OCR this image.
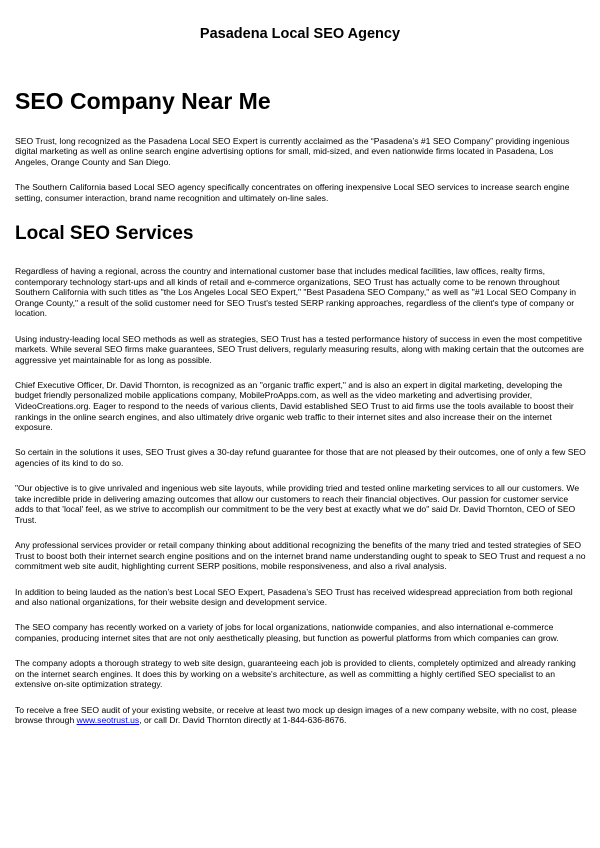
Pasadena Local SEO Agency
SEO Company Near Me

SEO Trust, long recognized as the Pasadena Local SEO Expert is currently acclaimed as the “Pasadena’s #1 SEO Company” providing ingenious digital marketing as well as online search engine advertising options for small, mid-sized, and even nationwide firms located in Pasadena, Los Angeles, Orange County and San Diego.

The Southern California based Local SEO agency specifically concentrates on offering inexpensive Local SEO services to increase search engine setting, consumer interaction, brand name recognition and ultimately on-line sales.

Local SEO Services

Regardless of having a regional, across the country and international customer base that includes medical facilities, law offices, realty firms, contemporary technology start-ups and all kinds of retail and e-commerce organizations, SEO Trust has actually come to be renown throughout Southern California with such titles as "the Los Angeles Local SEO Expert," "Best Pasadena SEO Company," as well as "#1 Local SEO Company in Orange County," a result of the solid customer need for SEO Trust's tested SERP ranking approaches, regardless of the client's type of company or location.

Using industry-leading local SEO methods as well as strategies, SEO Trust has a tested performance history of success in even the most competitive markets. While several SEO firms make guarantees, SEO Trust delivers, regularly measuring results, along with making certain that the outcomes are aggressive yet maintainable for as long as possible.

Chief Executive Officer, Dr. David Thornton, is recognized as an "organic traffic expert," and is also an expert in digital marketing, developing the budget friendly personalized mobile applications company, MobileProApps.com, as well as the video marketing and advertising provider, VideoCreations.org. Eager to respond to the needs of various clients, David established SEO Trust to aid firms use the tools available to boost their rankings in the online search engines, and also ultimately drive organic web traffic to their internet sites and also increase their on the internet exposure.

So certain in the solutions it uses, SEO Trust gives a 30-day refund guarantee for those that are not pleased by their outcomes, one of only a few SEO agencies of its kind to do so.

"Our objective is to give unrivaled and ingenious web site layouts, while providing tried and tested online marketing services to all our customers. We take incredible pride in delivering amazing outcomes that allow our customers to reach their financial objectives. Our passion for customer service adds to that 'local' feel, as we strive to accomplish our commitment to be the very best at exactly what we do" said Dr. David Thornton, CEO of SEO Trust.

Any professional services provider or retail company thinking about additional recognizing the benefits of the many tried and tested strategies of SEO Trust to boost both their internet search engine positions and on the internet brand name understanding ought to speak to SEO Trust and request a no commitment web site audit, highlighting current SERP positions, mobile responsiveness, and also a rival analysis.

In addition to being lauded as the nation’s best Local SEO Expert, Pasadena’s SEO Trust has received widespread appreciation from both regional and also national organizations, for their website design and development service.

The SEO company has recently worked on a variety of jobs for local organizations, nationwide companies, and also international e-commerce companies, producing internet sites that are not only aesthetically pleasing, but function as powerful platforms from which companies can grow.

The company adopts a thorough strategy to web site design, guaranteeing each job is provided to clients, completely optimized and already ranking on the internet search engines. It does this by working on a website's architecture, as well as committing a highly certified SEO specialist to an extensive on-site optimization strategy.

To receive a free SEO audit of your existing website, or receive at least two mock up design images of a new company website, with no cost, please browse through www.seotrust.us, or call Dr. David Thornton directly at 1-844-636-8676.
